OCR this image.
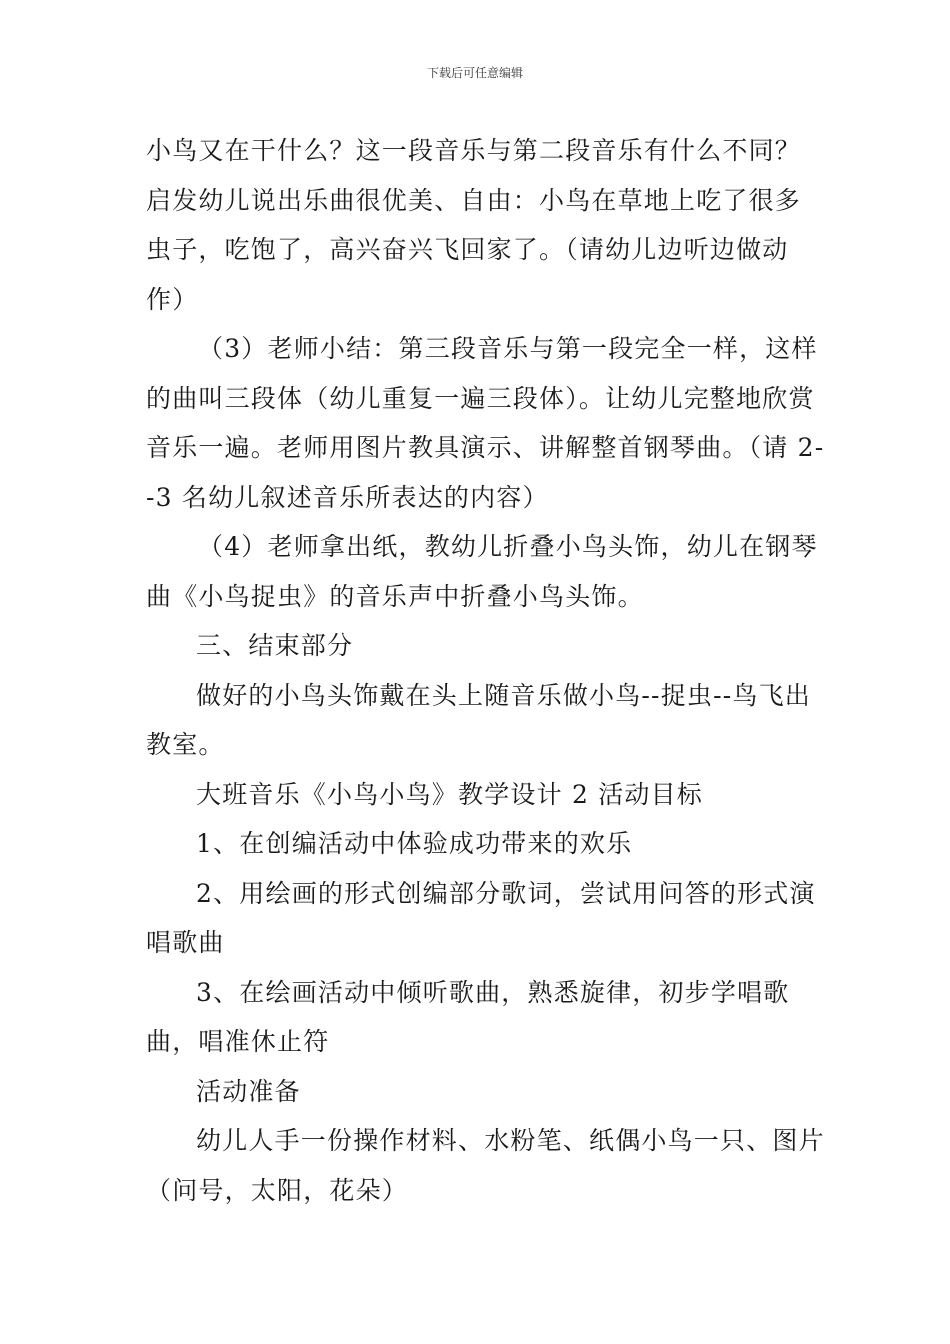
下载后可任意编辑

小鸟又在干什么？这一段音乐与第二段音乐有什么不同？启发幼儿说出乐曲很优美、自由：小鸟在草地上吃了很多虫子，吃饱了，高兴奋兴飞回家了。（请幼儿边听边做动作）

（3）老师小结：第三段音乐与第一段完全一样，这样的曲叫三段体（幼儿重复一遍三段体）。让幼儿完整地欣赏音乐一遍。老师用图片教具演示、讲解整首钢琴曲。（请 2--3 名幼儿叙述音乐所表达的内容）

（4）老师拿出纸，教幼儿折叠小鸟头饰，幼儿在钢琴曲《小鸟捉虫》的音乐声中折叠小鸟头饰。

三、结束部分

做好的小鸟头饰戴在头上随音乐做小鸟--捉虫--鸟飞出教室。

大班音乐《小鸟小鸟》教学设计 2 活动目标

1、在创编活动中体验成功带来的欢乐

2、用绘画的形式创编部分歌词，尝试用问答的形式演唱歌曲

3、在绘画活动中倾听歌曲，熟悉旋律，初步学唱歌曲，唱准休止符

活动准备

幼儿人手一份操作材料、水粉笔、纸偶小鸟一只、图片（问号，太阳，花朵）
